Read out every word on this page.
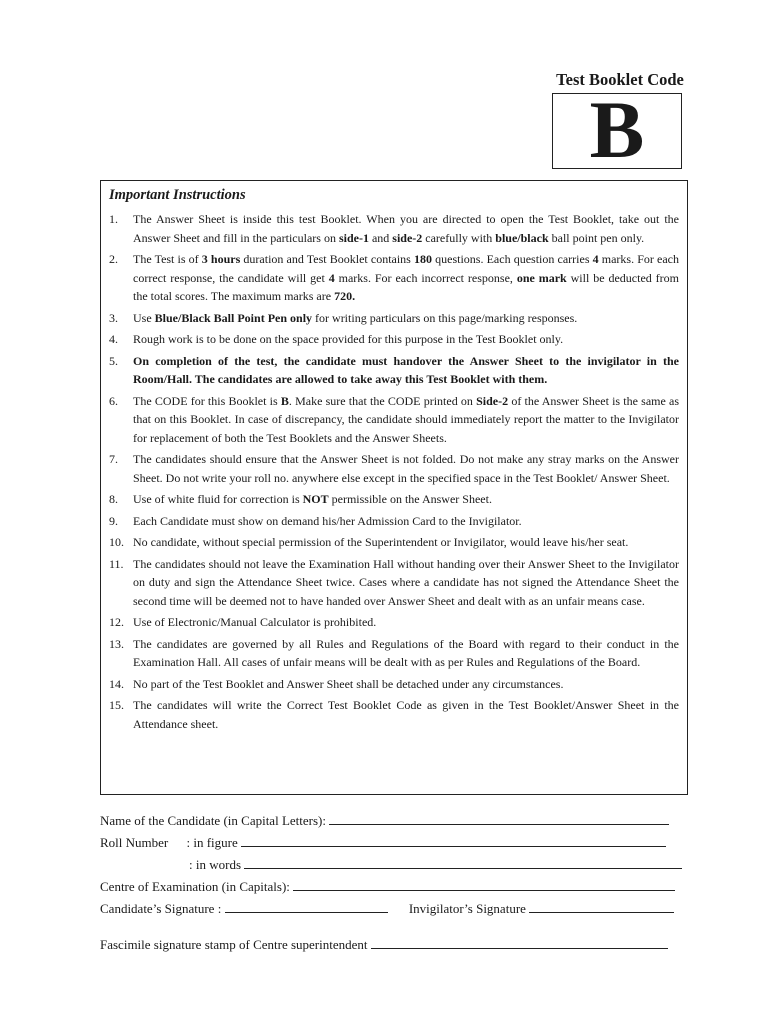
Test Booklet Code
B
Important Instructions
1. The Answer Sheet is inside this test Booklet. When you are directed to open the Test Booklet, take out the Answer Sheet and fill in the particulars on side-1 and side-2 carefully with blue/black ball point pen only.
2. The Test is of 3 hours duration and Test Booklet contains 180 questions. Each question carries 4 marks. For each correct response, the candidate will get 4 marks. For each incorrect response, one mark will be deducted from the total scores. The maximum marks are 720.
3. Use Blue/Black Ball Point Pen only for writing particulars on this page/marking responses.
4. Rough work is to be done on the space provided for this purpose in the Test Booklet only.
5. On completion of the test, the candidate must handover the Answer Sheet to the invigilator in the Room/Hall. The candidates are allowed to take away this Test Booklet with them.
6. The CODE for this Booklet is B. Make sure that the CODE printed on Side-2 of the Answer Sheet is the same as that on this Booklet. In case of discrepancy, the candidate should immediately report the matter to the Invigilator for replacement of both the Test Booklets and the Answer Sheets.
7. The candidates should ensure that the Answer Sheet is not folded. Do not make any stray marks on the Answer Sheet. Do not write your roll no. anywhere else except in the specified space in the Test Booklet/ Answer Sheet.
8. Use of white fluid for correction is NOT permissible on the Answer Sheet.
9. Each Candidate must show on demand his/her Admission Card to the Invigilator.
10. No candidate, without special permission of the Superintendent or Invigilator, would leave his/her seat.
11. The candidates should not leave the Examination Hall without handing over their Answer Sheet to the Invigilator on duty and sign the Attendance Sheet twice. Cases where a candidate has not signed the Attendance Sheet the second time will be deemed not to have handed over Answer Sheet and dealt with as an unfair means case.
12. Use of Electronic/Manual Calculator is prohibited.
13. The candidates are governed by all Rules and Regulations of the Board with regard to their conduct in the Examination Hall. All cases of unfair means will be dealt with as per Rules and Regulations of the Board.
14. No part of the Test Booklet and Answer Sheet shall be detached under any circumstances.
15. The candidates will write the Correct Test Booklet Code as given in the Test Booklet/Answer Sheet in the Attendance sheet.
Name of the Candidate (in Capital Letters):
Roll Number : in figure
: in words
Centre of Examination (in Capitals):
Candidate’s Signature :	Invigilator’s Signature
Fascimile signature stamp of Centre superintendent
